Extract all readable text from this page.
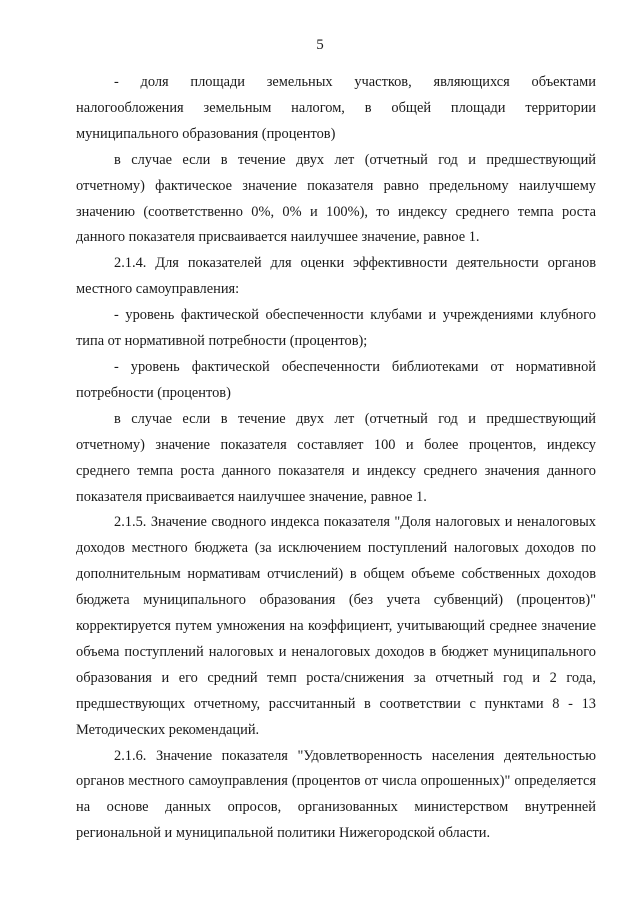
5

- доля площади земельных участков, являющихся объектами налогообложения земельным налогом, в общей площади территории муниципального образования (процентов)

в случае если в течение двух лет (отчетный год и предшествующий отчетному) фактическое значение показателя равно предельному наилучшему значению (соответственно 0%, 0% и 100%), то индексу среднего темпа роста данного показателя присваивается наилучшее значение, равное 1.

2.1.4. Для показателей для оценки эффективности деятельности органов местного самоуправления:

- уровень фактической обеспеченности клубами и учреждениями клубного типа от нормативной потребности (процентов);

- уровень фактической обеспеченности библиотеками от нормативной потребности (процентов)

в случае если в течение двух лет (отчетный год и предшествующий отчетному) значение показателя составляет 100 и более процентов, индексу среднего темпа роста данного показателя и индексу среднего значения данного показателя присваивается наилучшее значение, равное 1.

2.1.5. Значение сводного индекса показателя "Доля налоговых и неналоговых доходов местного бюджета (за исключением поступлений налоговых доходов по дополнительным нормативам отчислений) в общем объеме собственных доходов бюджета муниципального образования (без учета субвенций) (процентов)" корректируется путем умножения на коэффициент, учитывающий среднее значение объема поступлений налоговых и неналоговых доходов в бюджет муниципального образования и его средний темп роста/снижения за отчетный год и 2 года, предшествующих отчетному, рассчитанный в соответствии с пунктами 8 - 13 Методических рекомендаций.

2.1.6. Значение показателя "Удовлетворенность населения деятельностью органов местного самоуправления (процентов от числа опрошенных)" определяется на основе данных опросов, организованных министерством внутренней региональной и муниципальной политики Нижегородской области.
